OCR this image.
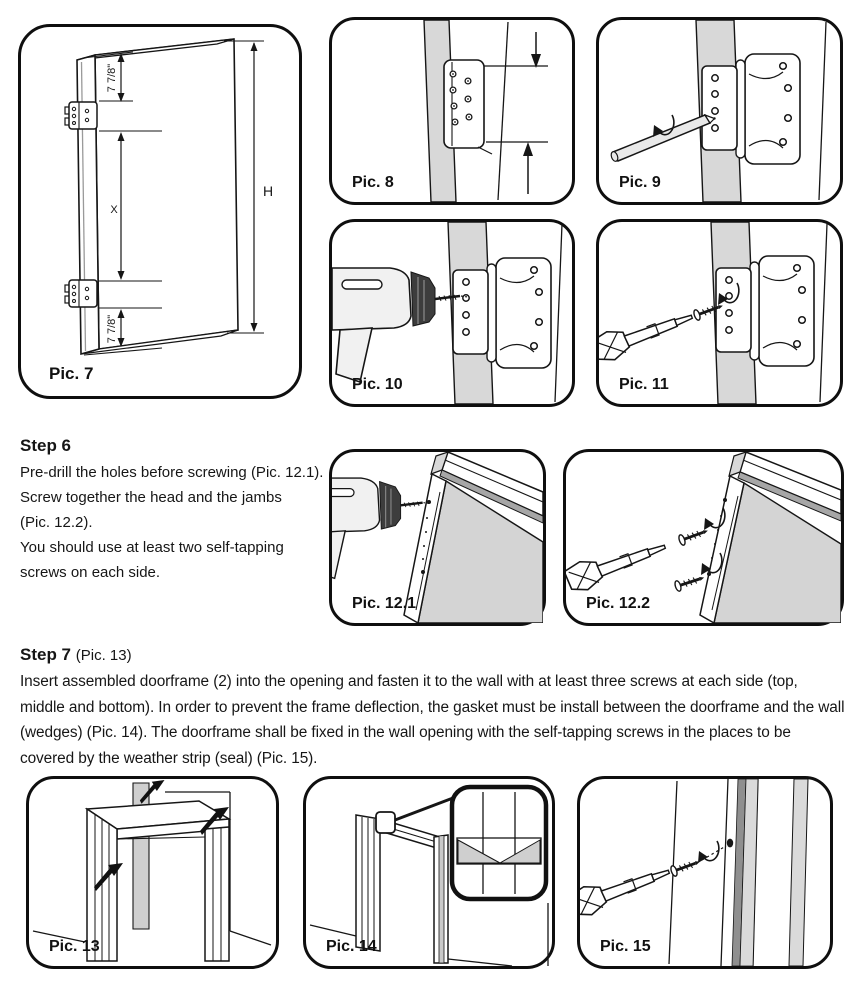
7 7/8"
X
7 7/8"
H
Pic. 7
Pic. 8	Pic. 9
Pic. 10	Pic. 11
Pic. 12.1	Pic. 12.2
Step 6

Pre-drill the holes before screwing (Pic. 12.1).
Screw together the head and the jambs
(Pic. 12.2).
You should use at least two self-tapping
screws on each side.

Step 7 (Pic. 13)

Insert assembled doorframe (2) into the opening and fasten it to the wall with at least three screws at each side (top, middle and bottom). In order to prevent the frame deflection, the gasket must be install between the doorframe and the wall (wedges) (Pic. 14). The doorframe shall be fixed in the wall opening with the self-tapping screws in the places to be covered by the weather strip (seal) (Pic. 15).

Pic. 13	Pic. 14	Pic. 15
